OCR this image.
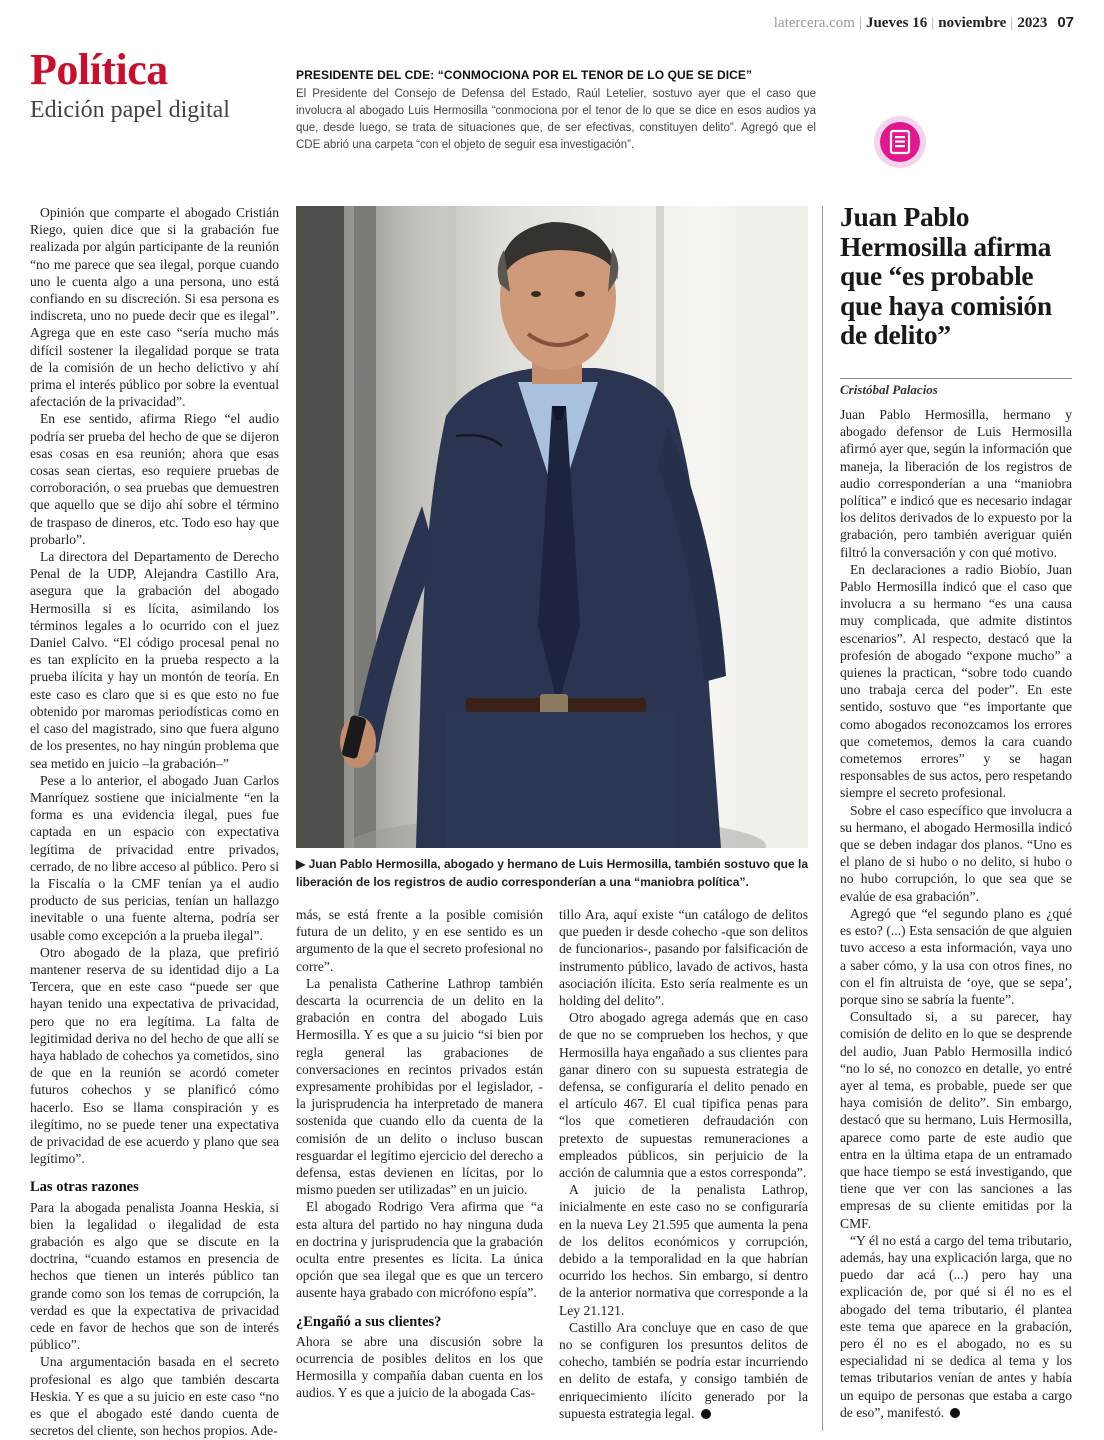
latercera.com | Jueves 16 | noviembre | 2023 07
Política
Edición papel digital
PRESIDENTE DEL CDE: “CONMOCIONA POR EL TENOR DE LO QUE SE DICE”
El Presidente del Consejo de Defensa del Estado, Raúl Letelier, sostuvo ayer que el caso que involucra al abogado Luis Hermosilla “conmociona por el tenor de lo que se dice en esos audios ya que, desde luego, se trata de situaciones que, de ser efectivas, constituyen delito”. Agregó que el CDE abrió una carpeta “con el objeto de seguir esa investigación”.

Opinión que comparte el abogado Cristián Riego, quien dice que si la grabación fue realizada por algún participante de la reunión “no me parece que sea ilegal, porque cuando uno le cuenta algo a una persona, uno está confiando en su discreción. Si esa persona es indiscreta, uno no puede decir que es ilegal”. Agrega que en este caso “sería mucho más difícil sostener la ilegalidad porque se trata de la comisión de un hecho delictivo y ahí prima el interés público por sobre la eventual afectación de la privacidad”.

En ese sentido, afirma Riego “el audio podría ser prueba del hecho de que se dijeron esas cosas en esa reunión; ahora que esas cosas sean ciertas, eso requiere pruebas de corroboración, o sea pruebas que demuestren que aquello que se dijo ahí sobre el término de traspaso de dineros, etc. Todo eso hay que probarlo”.

La directora del Departamento de Derecho Penal de la UDP, Alejandra Castillo Ara, asegura que la grabación del abogado Hermosilla si es lícita, asimilando los términos legales a lo ocurrido con el juez Daniel Calvo. “El código procesal penal no es tan explícito en la prueba respecto a la prueba ilícita y hay un montón de teoría. En este caso es claro que si es que esto no fue obtenido por maromas periodísticas como en el caso del magistrado, sino que fuera alguno de los presentes, no hay ningún problema que sea metido en juicio –la grabación–”

Pese a lo anterior, el abogado Juan Carlos Manríquez sostiene que inicialmente “en la forma es una evidencia ilegal, pues fue captada en un espacio con expectativa legítima de privacidad entre privados, cerrado, de no libre acceso al público. Pero si la Fiscalía o la CMF tenían ya el audio producto de sus pericias, tenían un hallazgo inevitable o una fuente alterna, podría ser usable como excepción a la prueba ilegal”.

Otro abogado de la plaza, que prefirió mantener reserva de su identidad dijo a La Tercera, que en este caso “puede ser que hayan tenido una expectativa de privacidad, pero que no era legítima. La falta de legitimidad deriva no del hecho de que allí se haya hablado de cohechos ya cometidos, sino de que en la reunión se acordó cometer futuros cohechos y se planificó cómo hacerlo. Eso se llama conspiración y es ilegítimo, no se puede tener una expectativa de privacidad de ese acuerdo y plano que sea legítimo”.

Las otras razones

Para la abogada penalista Joanna Heskia, si bien la legalidad o ilegalidad de esta grabación es algo que se discute en la doctrina, “cuando estamos en presencia de hechos que tienen un interés público tan grande como son los temas de corrupción, la verdad es que la expectativa de privacidad cede en favor de hechos que son de interés público”.

Una argumentación basada en el secreto profesional es algo que también descarta Heskia. Y es que a su juicio en este caso “no es que el abogado esté dando cuenta de secretos del cliente, son hechos propios. Ade-

▶ Juan Pablo Hermosilla, abogado y hermano de Luis Hermosilla, también sostuvo que la liberación de los registros de audio corresponderían a una “maniobra política”.

más, se está frente a la posible comisión futura de un delito, y en ese sentido es un argumento de la que el secreto profesional no corre”.

La penalista Catherine Lathrop también descarta la ocurrencia de un delito en la grabación en contra del abogado Luis Hermosilla. Y es que a su juicio “si bien por regla general las grabaciones de conversaciones en recintos privados están expresamente prohibidas por el legislador, -la jurisprudencia ha interpretado de manera sostenida que cuando ello da cuenta de la comisión de un delito o incluso buscan resguardar el legítimo ejercicio del derecho a defensa, estas devienen en lícitas, por lo mismo pueden ser utilizadas” en un juicio.

El abogado Rodrigo Vera afirma que “a esta altura del partido no hay ninguna duda en doctrina y jurisprudencia que la grabación oculta entre presentes es lícita. La única opción que sea ilegal que es que un tercero ausente haya grabado con micrófono espía”.

¿Engañó a sus clientes?

Ahora se abre una discusión sobre la ocurrencia de posibles delitos en los que Hermosilla y compañía daban cuenta en los audios. Y es que a juicio de la abogada Cas-

tillo Ara, aquí existe “un catálogo de delitos que pueden ir desde cohecho -que son delitos de funcionarios-, pasando por falsificación de instrumento público, lavado de activos, hasta asociación ilícita. Esto sería realmente es un holding del delito”.

Otro abogado agrega además que en caso de que no se comprueben los hechos, y que Hermosilla haya engañado a sus clientes para ganar dinero con su supuesta estrategia de defensa, se configuraría el delito penado en el artículo 467. El cual tipifica penas para “los que cometieren defraudación con pretexto de supuestas remuneraciones a empleados públicos, sin perjuicio de la acción de calumnia que a estos corresponda”.

A juicio de la penalista Lathrop, inicialmente en este caso no se configuraría en la nueva Ley 21.595 que aumenta la pena de los delitos económicos y corrupción, debido a la temporalidad en la que habrían ocurrido los hechos. Sin embargo, sí dentro de la anterior normativa que corresponde a la Ley 21.121.

Castillo Ara concluye que en caso de que no se configuren los presuntos delitos de cohecho, también se podría estar incurriendo en delito de estafa, y consigo también de enriquecimiento ilícito generado por la supuesta estrategia legal.

Juan Pablo Hermosilla afirma que “es probable que haya comisión de delito”
Cristóbal Palacios

Juan Pablo Hermosilla, hermano y abogado defensor de Luis Hermosilla afirmó ayer que, según la información que maneja, la liberación de los registros de audio corresponderían a una “maniobra política” e indicó que es necesario indagar los delitos derivados de lo expuesto por la grabación, pero también averiguar quién filtró la conversación y con qué motivo.

En declaraciones a radio Biobío, Juan Pablo Hermosilla indicó que el caso que involucra a su hermano “es una causa muy complicada, que admite distintos escenarios”. Al respecto, destacó que la profesión de abogado “expone mucho” a quienes la practican, “sobre todo cuando uno trabaja cerca del poder”. En este sentido, sostuvo que “es importante que como abogados reconozcamos los errores que cometemos, demos la cara cuando cometemos errores” y se hagan responsables de sus actos, pero respetando siempre el secreto profesional.

Sobre el caso específico que involucra a su hermano, el abogado Hermosilla indicó que se deben indagar dos planos. “Uno es el plano de si hubo o no delito, si hubo o no hubo corrupción, lo que sea que se evalúe de esa grabación”.

Agregó que “el segundo plano es ¿qué es esto? (...) Esta sensación de que alguien tuvo acceso a esta información, vaya uno a saber cómo, y la usa con otros fines, no con el fin altruista de ‘oye, que se sepa’, porque sino se sabría la fuente”.

Consultado si, a su parecer, hay comisión de delito en lo que se desprende del audio, Juan Pablo Hermosilla indicó “no lo sé, no conozco en detalle, yo entré ayer al tema, es probable, puede ser que haya comisión de delito”. Sin embargo, destacó que su hermano, Luis Hermosilla, aparece como parte de este audio que entra en la última etapa de un entramado que hace tiempo se está investigando, que tiene que ver con las sanciones a las empresas de su cliente emitidas por la CMF.

“Y él no está a cargo del tema tributario, además, hay una explicación larga, que no puedo dar acá (...) pero hay una explicación de, por qué si él no es el abogado del tema tributario, él plantea este tema que aparece en la grabación, pero él no es el abogado, no es su especialidad ni se dedica al tema y los temas tributarios venían de antes y había un equipo de personas que estaba a cargo de eso”, manifestó.
